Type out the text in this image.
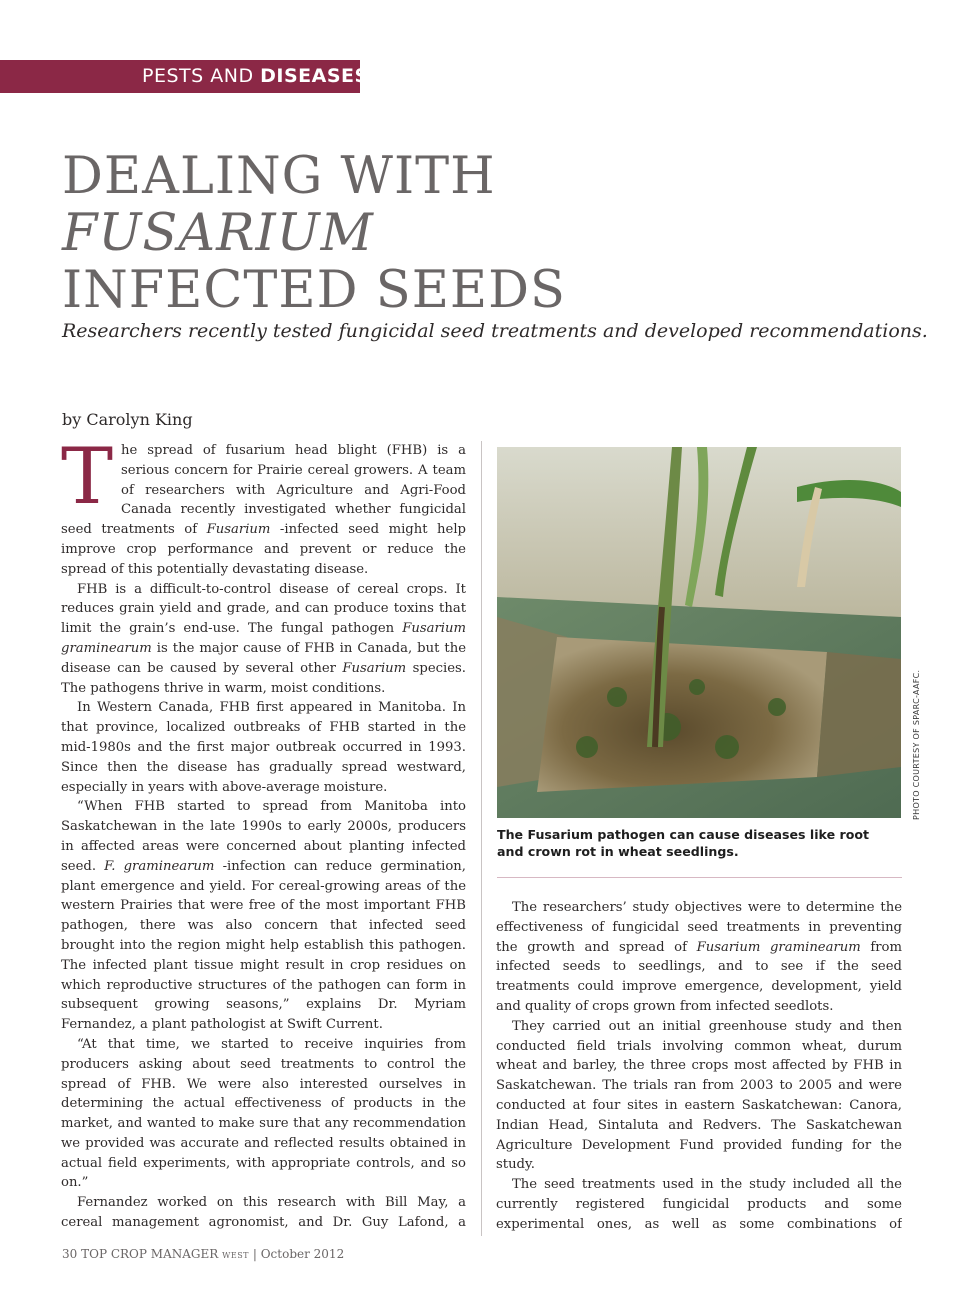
PESTS AND DISEASES
DEALING WITH
FUSARIUM
INFECTED SEEDS
Researchers recently tested fungicidal seed treatments and developed recommendations.
by Carolyn King

The spread of fusarium head blight (FHB) is a serious concern for Prairie cereal growers. A team of researchers with Agriculture and Agri-Food Canada recently investigated whether fungicidal seed treatments of Fusarium -infected seed might help improve crop performance and prevent or reduce the spread of this potentially devastating disease.

FHB is a difficult-to-control disease of cereal crops. It reduces grain yield and grade, and can produce toxins that limit the grain’s end-use. The fungal pathogen Fusarium graminearum is the major cause of FHB in Canada, but the disease can be caused by several other Fusarium species. The pathogens thrive in warm, moist conditions.

In Western Canada, FHB first appeared in Manitoba. In that province, localized outbreaks of FHB started in the mid-1980s and the first major outbreak occurred in 1993. Since then the disease has gradually spread westward, especially in years with above-average moisture.

“When FHB started to spread from Manitoba into Saskatchewan in the late 1990s to early 2000s, producers in affected areas were concerned about planting infected seed. F. graminearum -infection can reduce germination, plant emergence and yield. For cereal-growing areas of the western Prairies that were free of the most important FHB pathogen, there was also concern that infected seed brought into the region might help establish this pathogen. The infected plant tissue might result in crop residues on which reproductive structures of the pathogen can form in subsequent growing seasons,” explains Dr. Myriam Fernandez, a plant pathologist at Swift Current.

“At that time, we started to receive inquiries from producers asking about seed treatments to control the spread of FHB. We were also interested ourselves in determining the actual effectiveness of products in the market, and wanted to make sure that any recommendation we provided was accurate and reflected results obtained in actual field experiments, with appropriate controls, and so on.”

Fernandez worked on this research with Bill May, a cereal management agronomist, and Dr. Guy Lafond, a

PHOTO COURTESY OF SPARC-AAFC.
The Fusarium pathogen can cause diseases like root and crown rot in wheat seedlings.

The researchers’ study objectives were to determine the effectiveness of fungicidal seed treatments in preventing the growth and spread of Fusarium graminearum from infected seeds to seedlings, and to see if the seed treatments could improve emergence, development, yield and quality of crops grown from infected seedlots.

They carried out an initial greenhouse study and then conducted field trials involving common wheat, durum wheat and barley, the three crops most affected by FHB in Saskatchewan. The trials ran from 2003 to 2005 and were conducted at four sites in eastern Saskatchewan: Canora, Indian Head, Sintaluta and Redvers. The Saskatchewan Agriculture Development Fund provided funding for the study.

The seed treatments used in the study included all the currently registered fungicidal products and some experimental ones, as well as some combinations of

30 TOP CROP MANAGER WEST | October 2012
